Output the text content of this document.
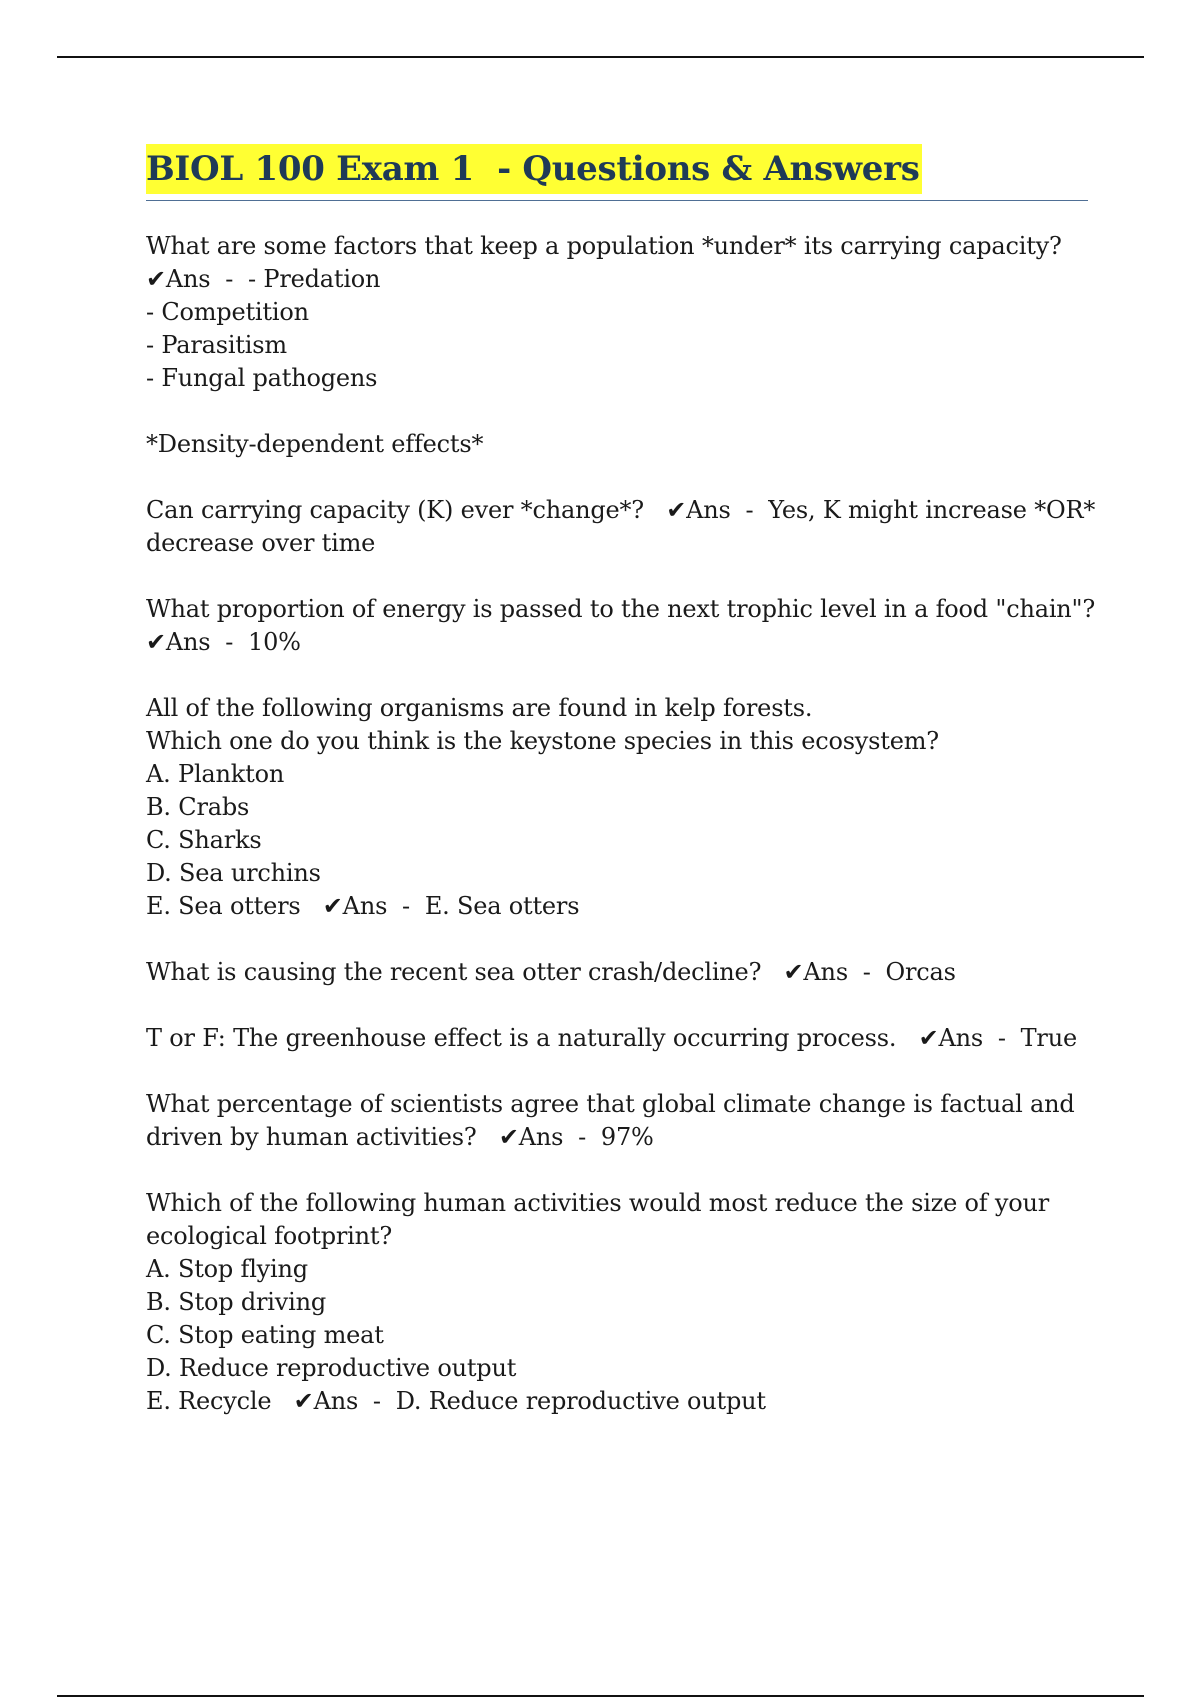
BIOL 100 Exam 1  - Questions & Answers
What are some factors that keep a population *under* its carrying capacity?
✔Ans  -  - Predation
- Competition
- Parasitism
- Fungal pathogens
*Density-dependent effects*
Can carrying capacity (K) ever *change*?   ✔Ans  -  Yes, K might increase *OR* decrease over time
What proportion of energy is passed to the next trophic level in a food "chain"?   ✔Ans  -  10%
All of the following organisms are found in kelp forests.
Which one do you think is the keystone species in this ecosystem?
A. Plankton
B. Crabs
C. Sharks
D. Sea urchins
E. Sea otters   ✔Ans  -  E. Sea otters
What is causing the recent sea otter crash/decline?   ✔Ans  -  Orcas
T or F: The greenhouse effect is a naturally occurring process.   ✔Ans  -  True
What percentage of scientists agree that global climate change is factual and driven by human activities?   ✔Ans  -  97%
Which of the following human activities would most reduce the size of your ecological footprint?
A. Stop flying
B. Stop driving
C. Stop eating meat
D. Reduce reproductive output
E. Recycle   ✔Ans  -  D. Reduce reproductive output
